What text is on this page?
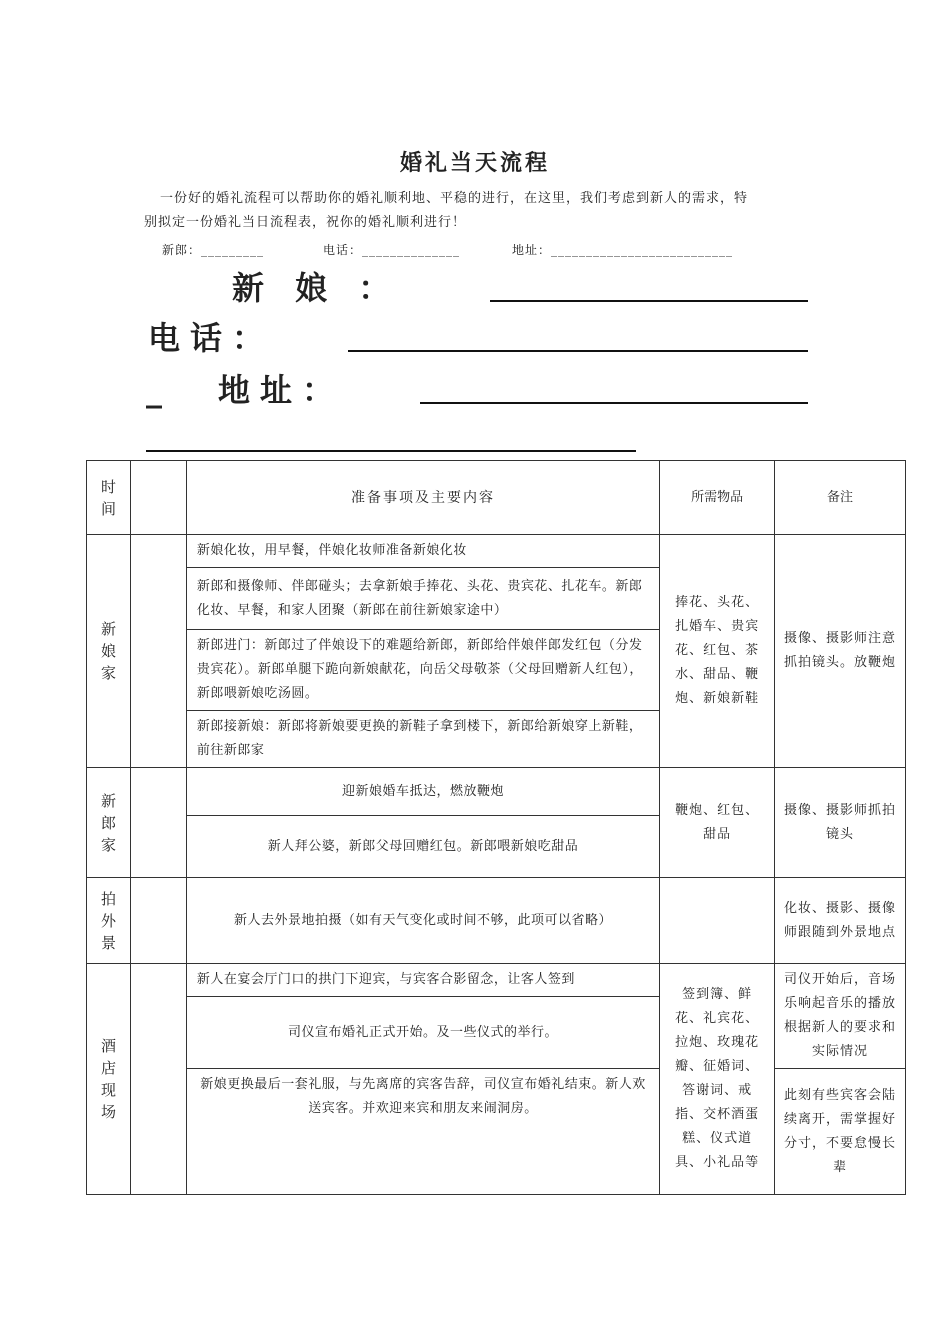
婚礼当天流程
一份好的婚礼流程可以帮助你的婚礼顺利地、平稳的进行，在这里，我们考虑到新人的需求，特
别拟定一份婚礼当日流程表，祝你的婚礼顺利进行！
新郎：_________	电话：______________	地址：__________________________
新 娘 ：
电话：
_ 地址：
时间		准备事项及主要内容	所需物品	备注
新娘家		新娘化妆，用早餐，伴娘化妆师准备新娘化妆	捧花、头花、扎婚车、贵宾花、红包、茶水、甜品、鞭炮、新娘新鞋	摄像、摄影师注意抓拍镜头。放鞭炮
		新郎和摄像师、伴郎碰头；去拿新娘手捧花、头花、贵宾花、扎花车。新郎化妆、早餐，和家人团聚（新郎在前往新娘家途中）		
		新郎进门：新郎过了伴娘设下的难题给新郎，新郎给伴娘伴郎发红包（分发贵宾花）。新郎单腿下跪向新娘献花，向岳父母敬茶（父母回赠新人红包），新郎喂新娘吃汤圆。		
		新郎接新娘：新郎将新娘要更换的新鞋子拿到楼下，新郎给新娘穿上新鞋，前往新郎家		
新郎家		迎新娘婚车抵达，燃放鞭炮	鞭炮、红包、甜品	摄像、摄影师抓拍镜头
		新人拜公婆，新郎父母回赠红包。新郎喂新娘吃甜品		
拍外景		新人去外景地拍摄（如有天气变化或时间不够，此项可以省略）		化妆、摄影、摄像师跟随到外景地点
酒店现场		新人在宴会厅门口的拱门下迎宾，与宾客合影留念，让客人签到	签到簿、鲜花、礼宾花、拉炮、玫瑰花瓣、征婚词、答谢词、戒指、交杯酒蛋糕、仪式道具、小礼品等	司仪开始后，音场乐响起音乐的播放根据新人的要求和实际情况
		司仪宣布婚礼正式开始。及一些仪式的举行。		
		新娘更换最后一套礼服，与先离席的宾客告辞，司仪宣布婚礼结束。新人欢送宾客。并欢迎来宾和朋友来闹洞房。		此刻有些宾客会陆续离开，需掌握好分寸，不要怠慢长辈
